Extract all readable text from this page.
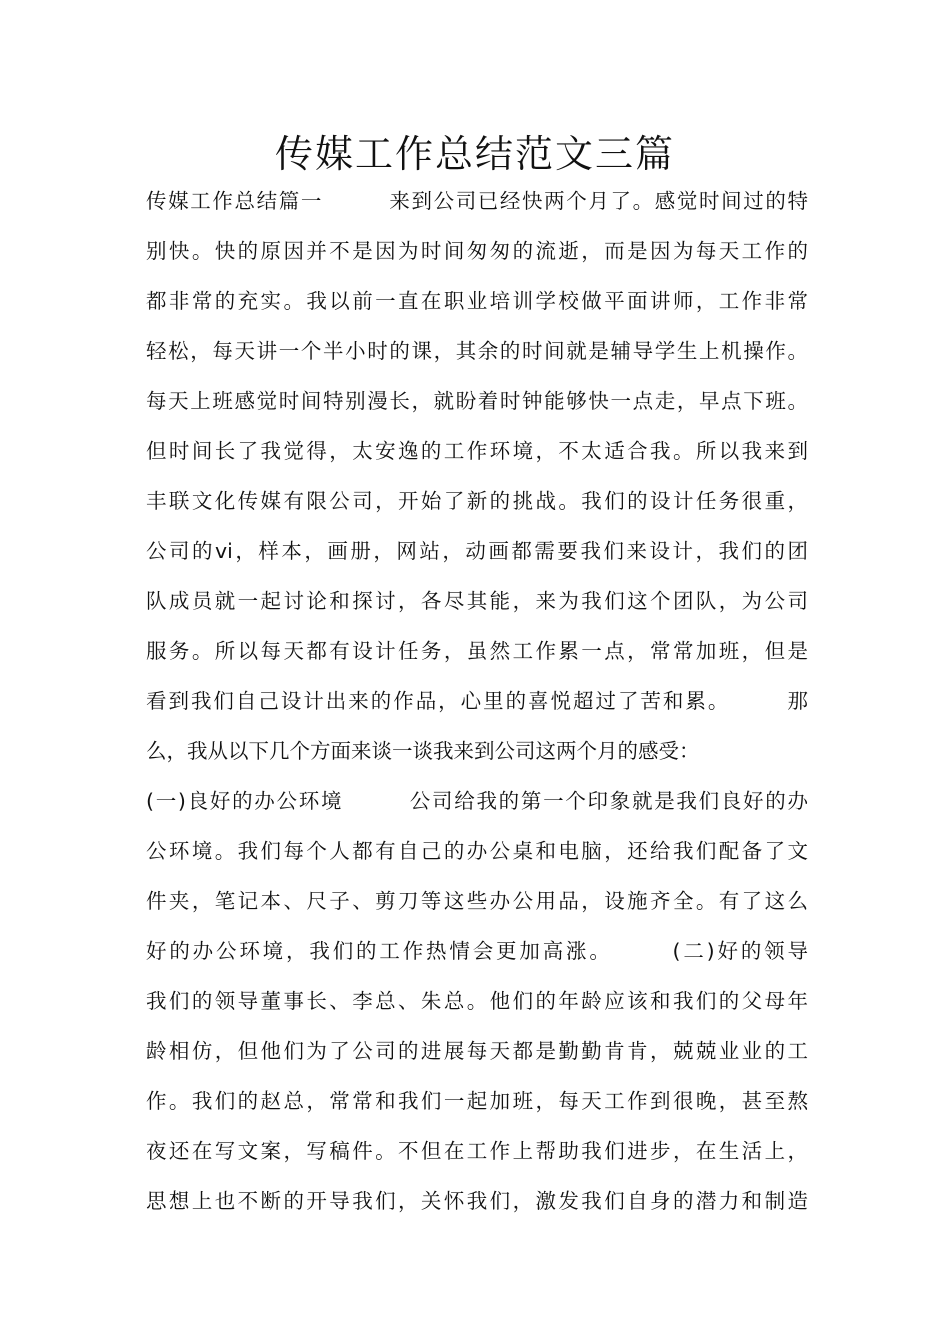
传媒工作总结范文三篇
传媒工作总结篇一　　　来到公司已经快两个月了。感觉时间过的特
别快。快的原因并不是因为时间匆匆的流逝，而是因为每天工作的
都非常的充实。我以前一直在职业培训学校做平面讲师，工作非常
轻松，每天讲一个半小时的课，其余的时间就是辅导学生上机操作。
每天上班感觉时间特别漫长，就盼着时钟能够快一点走，早点下班。
但时间长了我觉得，太安逸的工作环境，不太适合我。所以我来到
丰联文化传媒有限公司，开始了新的挑战。我们的设计任务很重，
公司的vi，样本，画册，网站，动画都需要我们来设计，我们的团
队成员就一起讨论和探讨，各尽其能，来为我们这个团队，为公司
服务。所以每天都有设计任务，虽然工作累一点，常常加班，但是
看到我们自己设计出来的作品，心里的喜悦超过了苦和累。　　　那
么，我从以下几个方面来谈一谈我来到公司这两个月的感受：
(一)良好的办公环境　　　公司给我的第一个印象就是我们良好的办
公环境。我们每个人都有自己的办公桌和电脑，还给我们配备了文
件夹，笔记本、尺子、剪刀等这些办公用品，设施齐全。有了这么
好的办公环境，我们的工作热情会更加高涨。　　　(二)好的领导
我们的领导董事长、李总、朱总。他们的年龄应该和我们的父母年
龄相仿，但他们为了公司的进展每天都是勤勤肯肯，兢兢业业的工
作。我们的赵总，常常和我们一起加班，每天工作到很晚，甚至熬
夜还在写文案，写稿件。不但在工作上帮助我们进步，在生活上，
思想上也不断的开导我们，关怀我们，激发我们自身的潜力和制造
